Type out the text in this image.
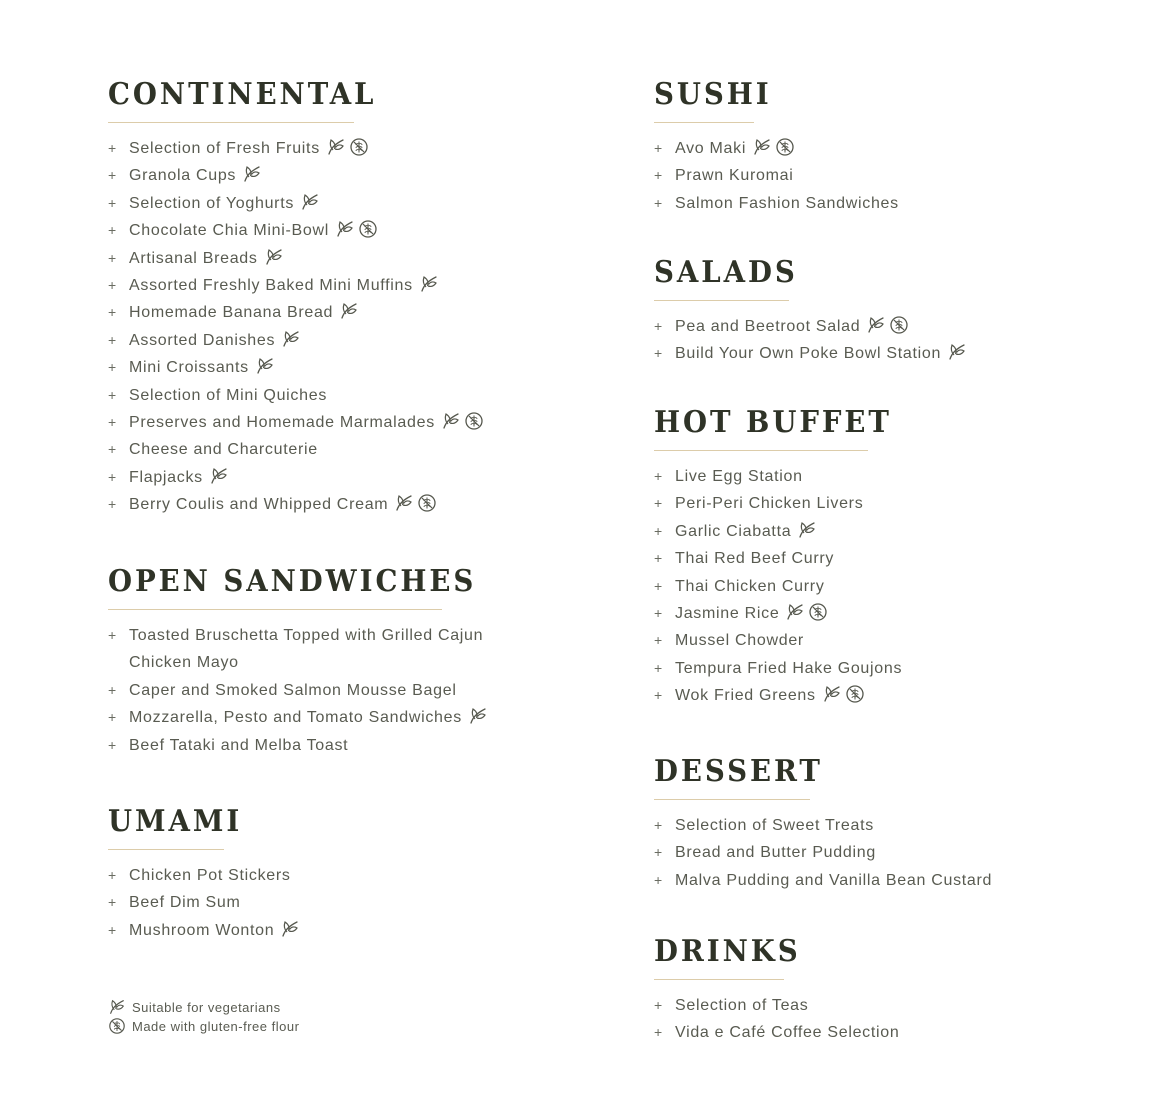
CONTINENTAL
+ Selection of Fresh Fruits
+ Granola Cups
+ Selection of Yoghurts
+ Chocolate Chia Mini-Bowl
+ Artisanal Breads
+ Assorted Freshly Baked Mini Muffins
+ Homemade Banana Bread
+ Assorted Danishes
+ Mini Croissants
+ Selection of Mini Quiches
+ Preserves and Homemade Marmalades
+ Cheese and Charcuterie
+ Flapjacks
+ Berry Coulis and Whipped Cream
OPEN SANDWICHES
+ Toasted Bruschetta Topped with Grilled Cajun Chicken Mayo
+ Caper and Smoked Salmon Mousse Bagel
+ Mozzarella, Pesto and Tomato Sandwiches
+ Beef Tataki and Melba Toast
UMAMI
+ Chicken Pot Stickers
+ Beef Dim Sum
+ Mushroom Wonton
SUSHI
+ Avo Maki
+ Prawn Kuromai
+ Salmon Fashion Sandwiches
SALADS
+ Pea and Beetroot Salad
+ Build Your Own Poke Bowl Station
HOT BUFFET
+ Live Egg Station
+ Peri-Peri Chicken Livers
+ Garlic Ciabatta
+ Thai Red Beef Curry
+ Thai Chicken Curry
+ Jasmine Rice
+ Mussel Chowder
+ Tempura Fried Hake Goujons
+ Wok Fried Greens
DESSERT
+ Selection of Sweet Treats
+ Bread and Butter Pudding
+ Malva Pudding and Vanilla Bean Custard
DRINKS
+ Selection of Teas
+ Vida e Café Coffee Selection
Suitable for vegetarians
Made with gluten-free flour
